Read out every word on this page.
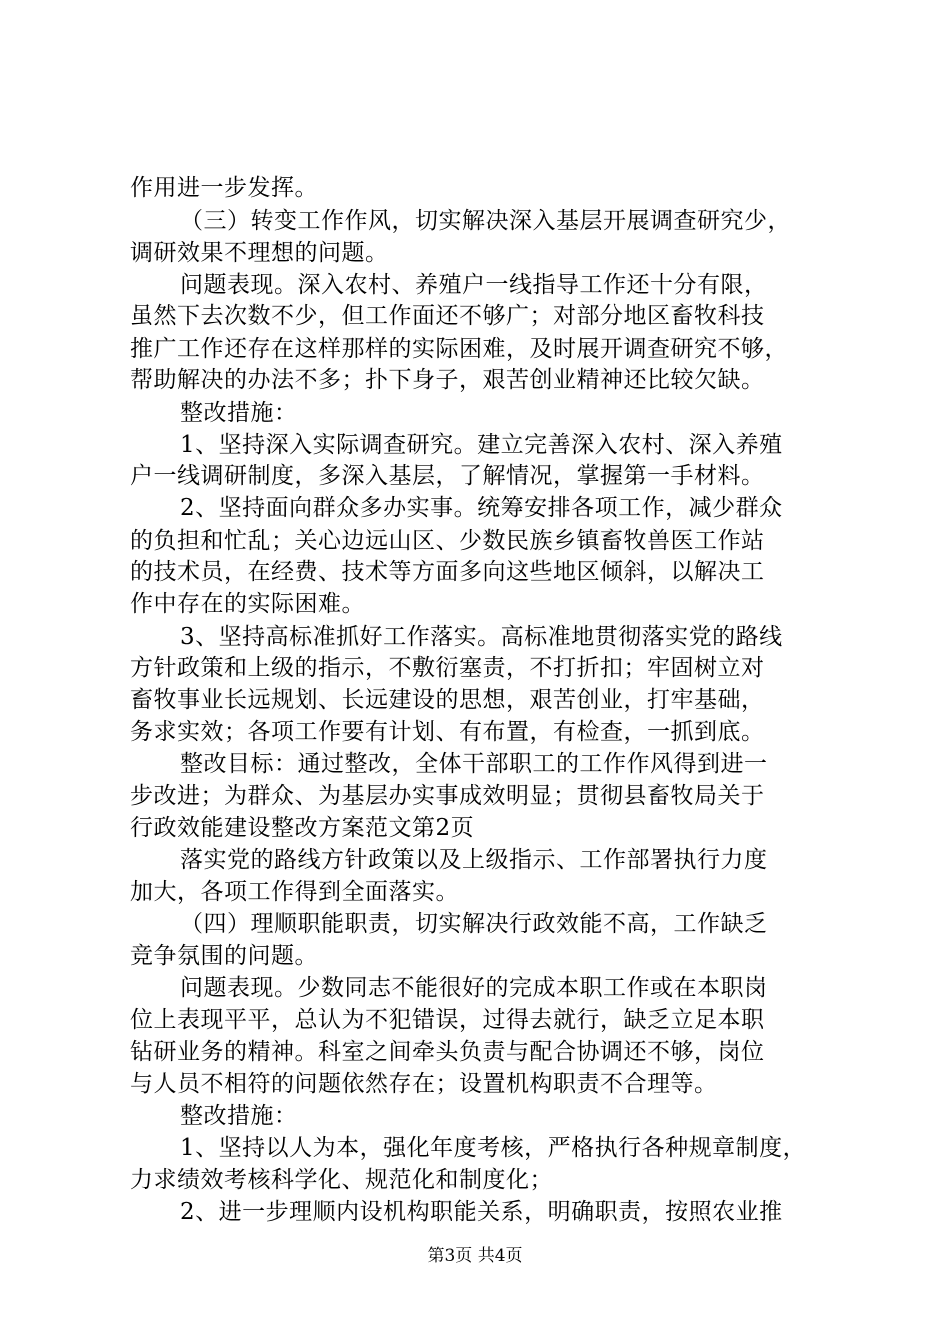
作用进一步发挥。
（三）转变工作作风，切实解决深入基层开展调查研究少，
调研效果不理想的问题。
问题表现。深入农村、养殖户一线指导工作还十分有限，
虽然下去次数不少，但工作面还不够广；对部分地区畜牧科技
推广工作还存在这样那样的实际困难，及时展开调查研究不够，
帮助解决的办法不多；扑下身子，艰苦创业精神还比较欠缺。
整改措施：
1、坚持深入实际调查研究。建立完善深入农村、深入养殖
户一线调研制度，多深入基层，了解情况，掌握第一手材料。
2、坚持面向群众多办实事。统筹安排各项工作，减少群众
的负担和忙乱；关心边远山区、少数民族乡镇畜牧兽医工作站
的技术员，在经费、技术等方面多向这些地区倾斜，以解决工
作中存在的实际困难。
3、坚持高标准抓好工作落实。高标准地贯彻落实党的路线
方针政策和上级的指示，不敷衍塞责，不打折扣；牢固树立对
畜牧事业长远规划、长远建设的思想，艰苦创业，打牢基础，
务求实效；各项工作要有计划、有布置，有检查，一抓到底。
整改目标：通过整改，全体干部职工的工作作风得到进一
步改进；为群众、为基层办实事成效明显；贯彻县畜牧局关于
行政效能建设整改方案范文第2页
落实党的路线方针政策以及上级指示、工作部署执行力度
加大，各项工作得到全面落实。
（四）理顺职能职责，切实解决行政效能不高，工作缺乏
竞争氛围的问题。
问题表现。少数同志不能很好的完成本职工作或在本职岗
位上表现平平，总认为不犯错误，过得去就行，缺乏立足本职
钻研业务的精神。科室之间牵头负责与配合协调还不够，岗位
与人员不相符的问题依然存在；设置机构职责不合理等。
整改措施：
1、坚持以人为本，强化年度考核，严格执行各种规章制度，
力求绩效考核科学化、规范化和制度化；
2、进一步理顺内设机构职能关系，明确职责，按照农业推
第3页 共4页
